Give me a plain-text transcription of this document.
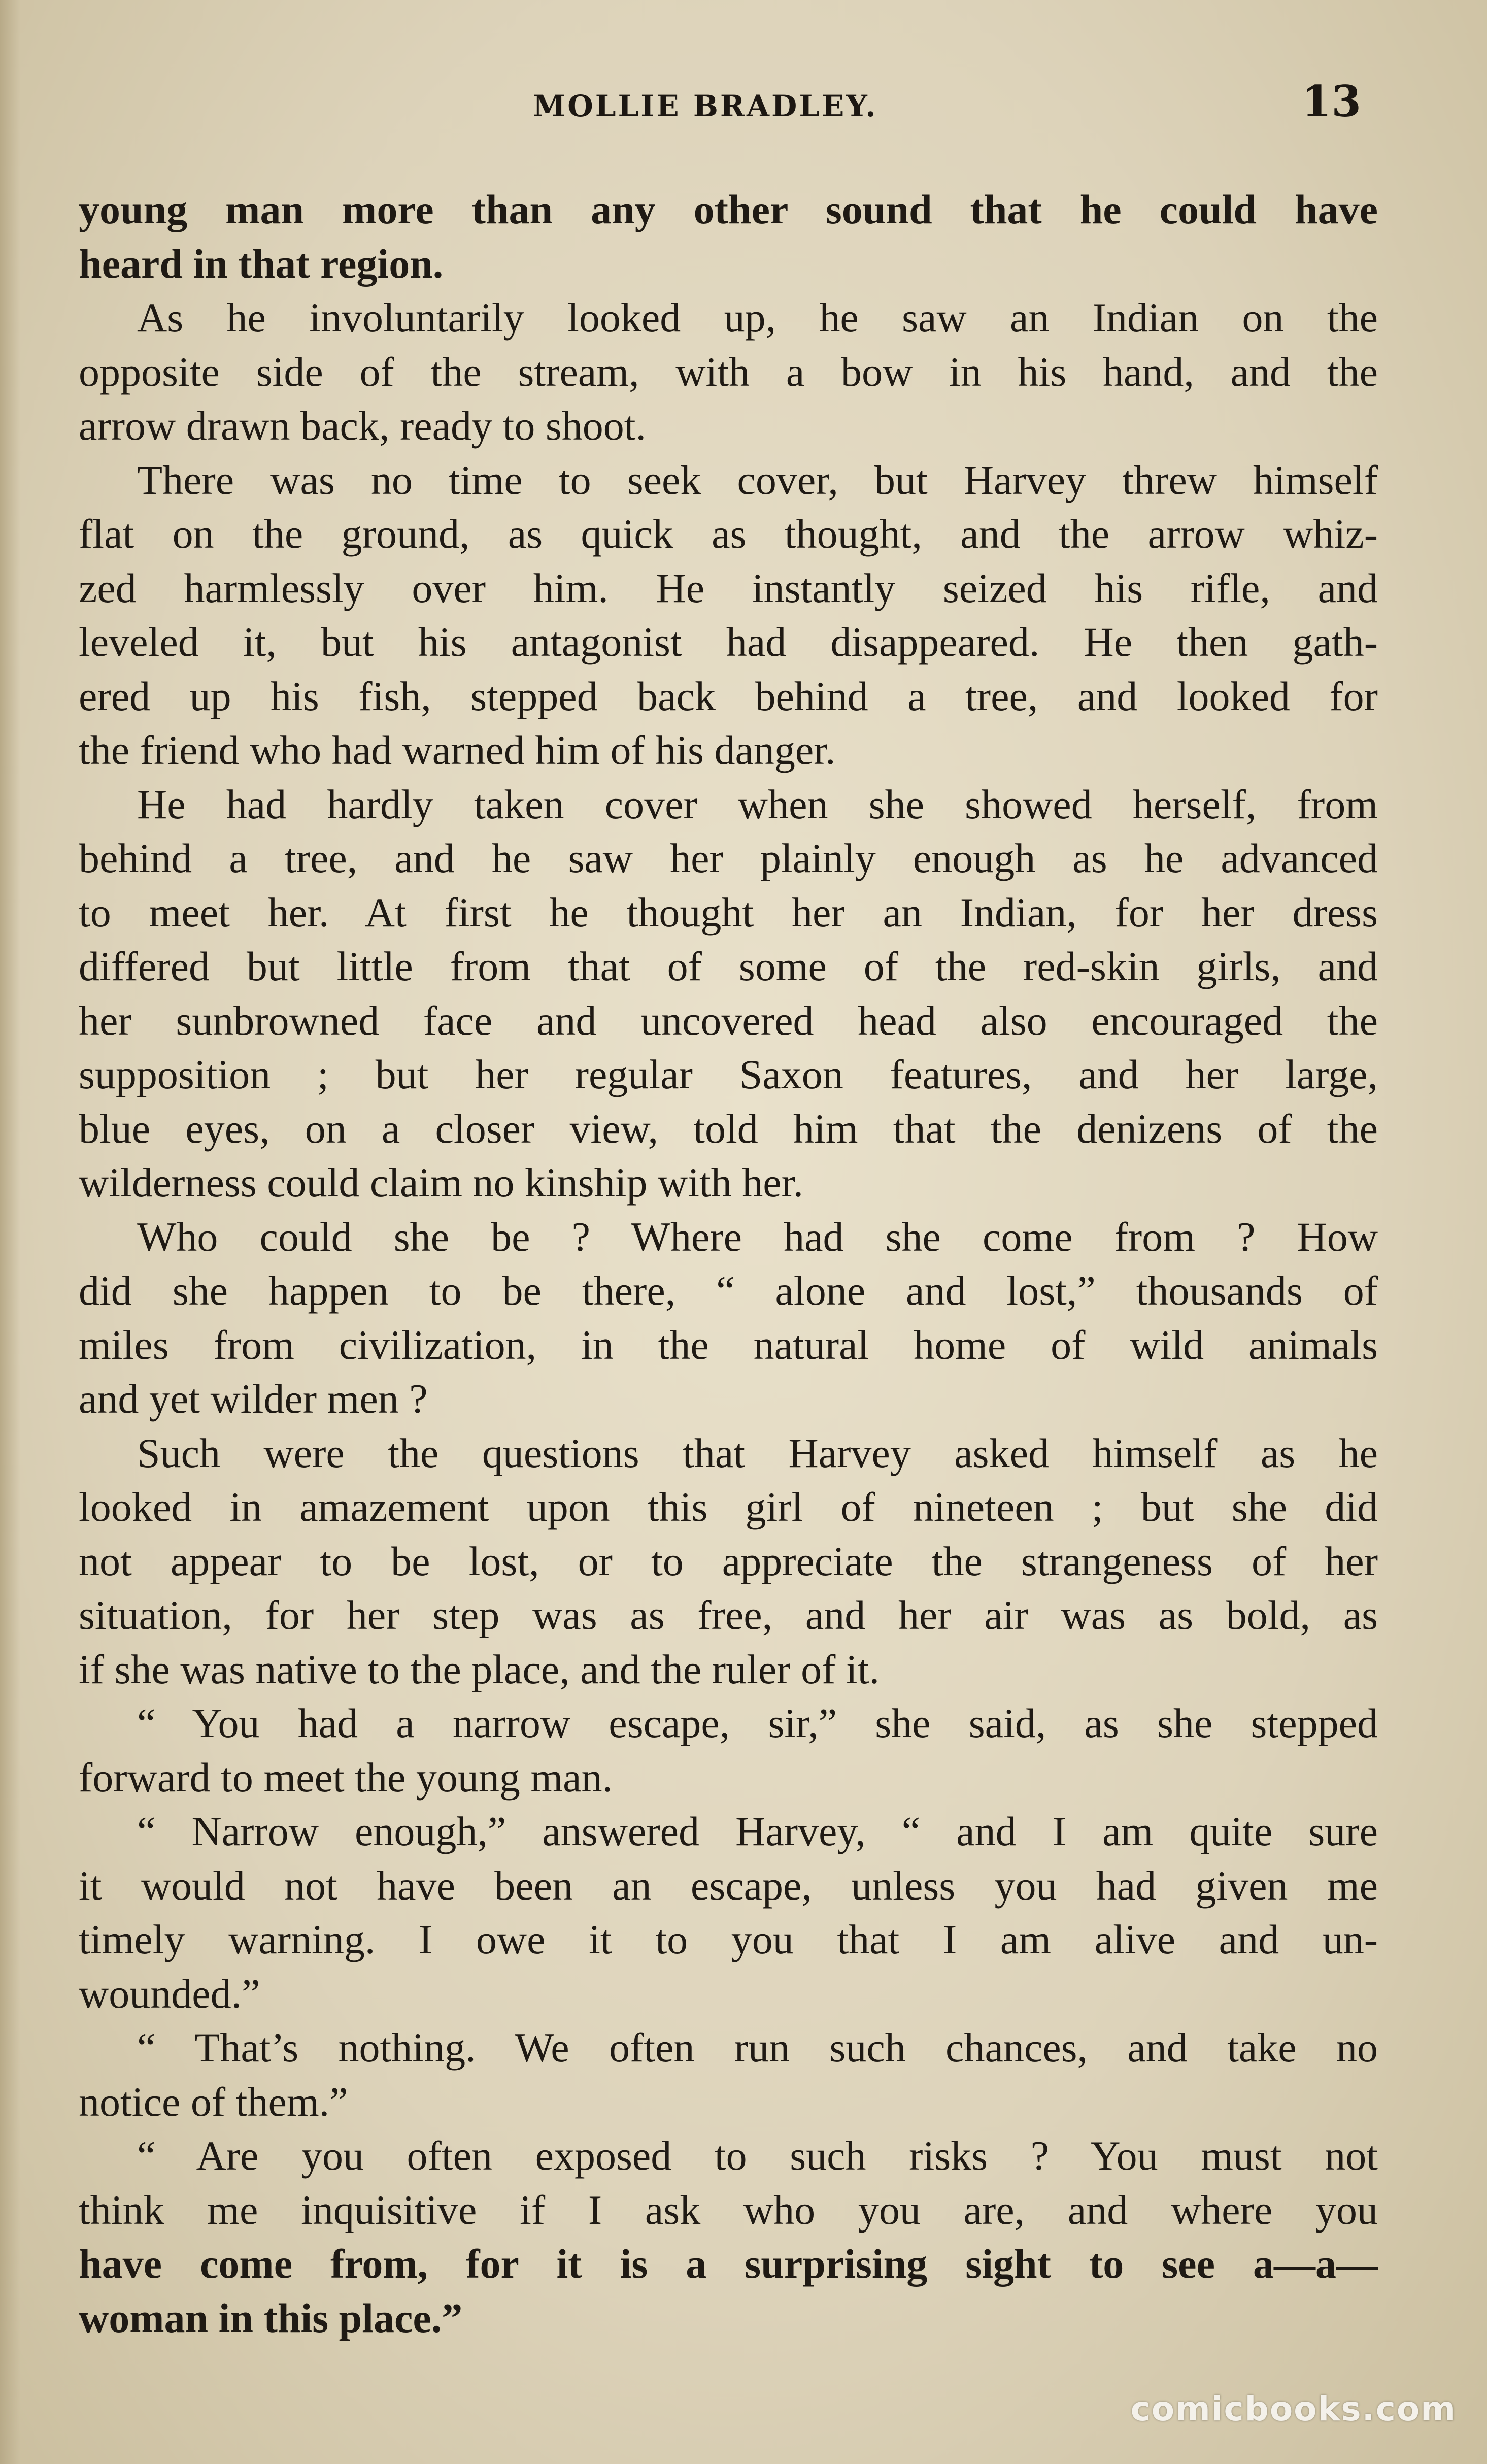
MOLLIE BRADLEY.	13
young man more than any other sound that he could have
heard in that region.
As he involuntarily looked up, he saw an Indian on the
opposite side of the stream, with a bow in his hand, and the
arrow drawn back, ready to shoot.
There was no time to seek cover, but Harvey threw himself
flat on the ground, as quick as thought, and the arrow whiz-
zed harmlessly over him. He instantly seized his rifle, and
leveled it, but his antagonist had disappeared. He then gath-
ered up his fish, stepped back behind a tree, and looked for
the friend who had warned him of his danger.
He had hardly taken cover when she showed herself, from
behind a tree, and he saw her plainly enough as he advanced
to meet her. At first he thought her an Indian, for her dress
differed but little from that of some of the red-skin girls, and
her sunbrowned face and uncovered head also encouraged the
supposition ; but her regular Saxon features, and her large,
blue eyes, on a closer view, told him that the denizens of the
wilderness could claim no kinship with her.
Who could she be ? Where had she come from ? How
did she happen to be there, “ alone and lost,” thousands of
miles from civilization, in the natural home of wild animals
and yet wilder men ?
Such were the questions that Harvey asked himself as he
looked in amazement upon this girl of nineteen ; but she did
not appear to be lost, or to appreciate the strangeness of her
situation, for her step was as free, and her air was as bold, as
if she was native to the place, and the ruler of it.
“ You had a narrow escape, sir,” she said, as she stepped
forward to meet the young man.
“ Narrow enough,” answered Harvey, “ and I am quite sure
it would not have been an escape, unless you had given me
timely warning. I owe it to you that I am alive and un-
wounded.”
“ That’s nothing. We often run such chances, and take no
notice of them.”
“ Are you often exposed to such risks ? You must not
think me inquisitive if I ask who you are, and where you
have come from, for it is a surprising sight to see a—a—
woman in this place.”
comicbooks.com
